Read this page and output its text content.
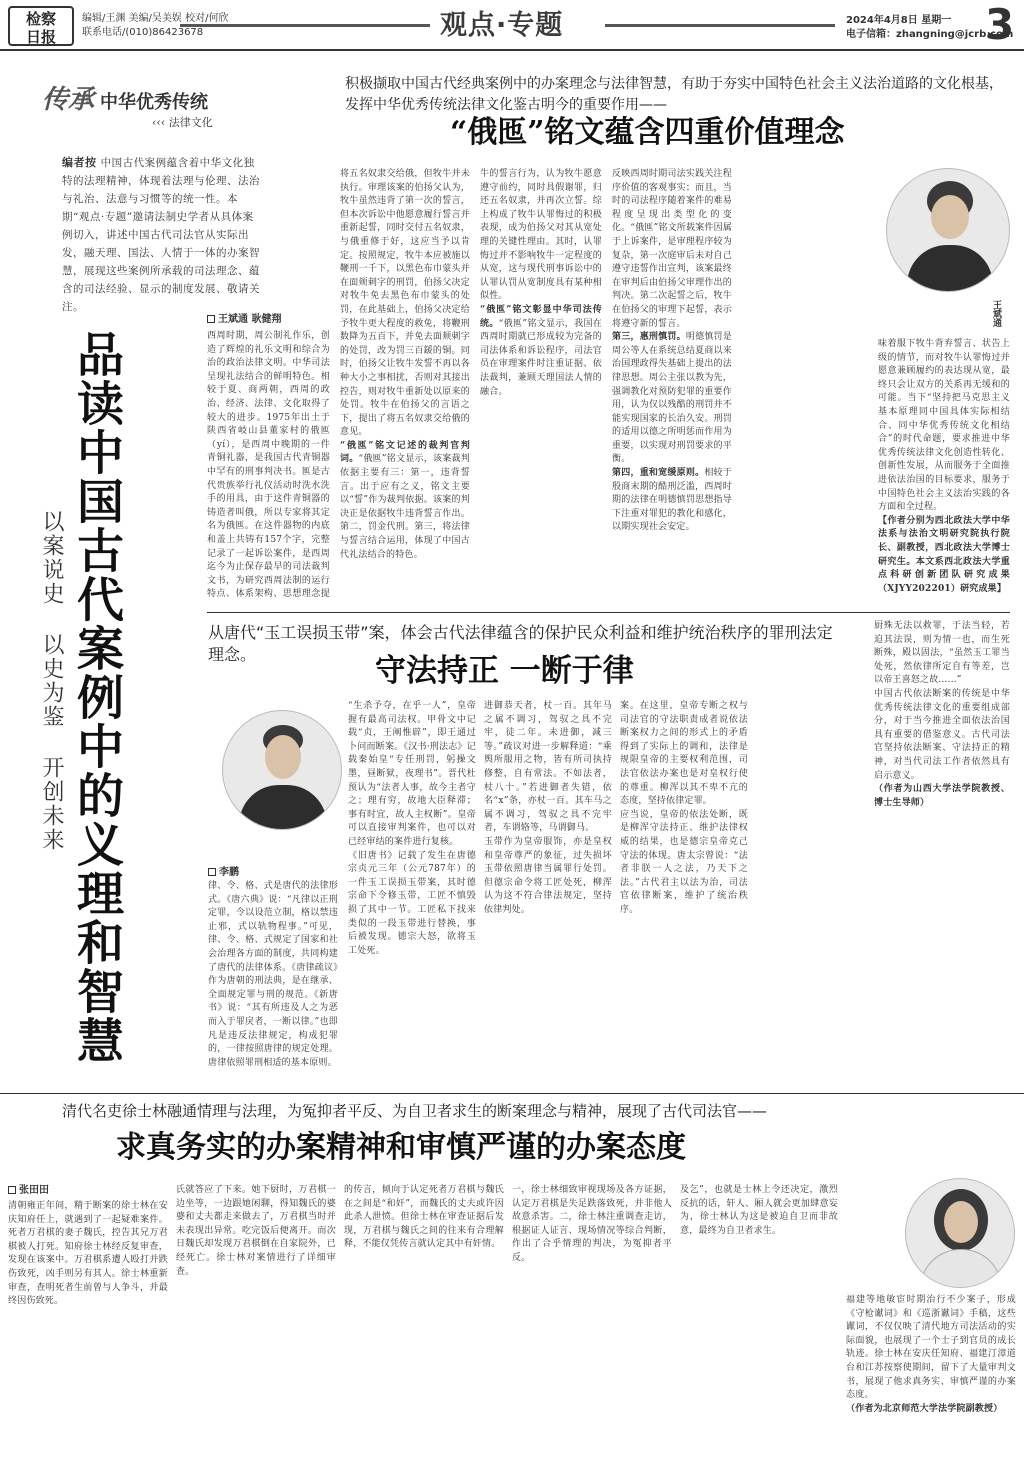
检察
日报
编辑/王渊 美编/吴美娱 校对/何欣
联系电话/(010)86423678	观点·专题	2024年4月8日 星期一
电子信箱：zhangning@jcrb.com
3
传承 中华优秀传统
‹‹‹ 法律文化
积极撷取中国古代经典案例中的办案理念与法律智慧，有助于夯实中国特色社会主义法治道路的文化根基，发挥中华优秀传统法律文化鉴古明今的重要作用——
“俄匜”铭文蕴含四重价值理念
编者按 中国古代案例蕴含着中华文化独特的法理精神，体现着法理与伦理、法治与礼治、法意与习惯等的统一性。本期“观点·专题”邀请法制史学者从具体案例切入，讲述中国古代司法官从实际出发，融天理、国法、人情于一体的办案智慧，展现这些案例所承载的司法理念、蕴含的司法经验、显示的制度发展、敬请关注。
王斌通 耿健翔
品读中国古代案例中的义理和智慧
以案说史   以史为鉴   开创未来
西周时期，周公制礼作乐，创造了辉煌的礼乐文明和综合为治的政治法律文明。中华司法呈现礼法结合的鲜明特色。相较于夏、商两朝，西周的政治、经济、法律、文化取得了较大的进步。1975年出土于陕西省岐山县董家村的俄匜（yí），是西周中晚期的一件青铜礼器，是我国古代青铜器中罕有的刑事判决书。匜是古代贵族举行礼仪活动时洗水洗手的用具，由于这件青铜器的铸造者叫俄，所以专家将其定名为俄匜。在这件器物的内底和盖上共铸有157个字，完整记录了一起诉讼案件，是西周迄今为止保存最早的司法裁判文书，为研究西周法制的运行特点、体系架构、思想理念提

将五名奴隶交给俄，但牧牛并未执行。审理该案的伯扬父认为，牧牛虽然违背了第一次的誓言，但本次诉讼中他愿意履行誓言并重新起誓，同时交付五名奴隶，与俄重修于好，这应当予以肯定。按照规定，牧牛本应被施以鞭刑一千下，以黑色布巾蒙头并在面颊刺字的刑罚，伯扬父决定对牧牛免去黑色布巾蒙头的处罚，在此基础上，伯扬父决定给予牧牛更大程度的救免，将鞭刑数降为五百下，并免去面颊刺字的处罚，改为罚三百鍰的铜。同时，伯扬父让牧牛发誓不再以各种大小之事相扰，否则对其接出控告，则对牧牛重新处以原来的处罚。牧牛在伯扬父的言语之下，提出了将五名奴隶交给俄的意见。
“俄匜”铭文记述的裁判官判词。“俄匜”铭文显示，该案裁判依据主要有三：第一，违背誓言。出于应有之义，铭文主要以“誓”作为裁判依据。该案的判决正是依据牧牛违背誓言作出。第二，罚金代刑。第三，将法律与誓言结合运用，体现了中国古代礼法结合的特色。
牛的誓言行为，认为牧牛愿意遵守前约，同时具假谢罪，归还五名奴隶，并再次立誓。综上构成了牧牛认罪悔过的积极表现，成为伯扬父对其从宽处理的关键性理由。其时，认罪悔过并不影响牧牛一定程度的从宽，这与现代刑事诉讼中的认罪认罚从宽制度具有某种相似性。
“俄匜”铭文彰显中华司法传统。“俄匜”铭文显示，我国在西周时期就已形成较为完备的司法体系和诉讼程序，司法官员在审理案件时注重证据、依法裁判，兼顾天理国法人情的融合。
反映西周时期司法实践关注程序价值的客观事实；而且，当时的司法程序随着案件的难易程度呈现出类型化的变化。“俄匜”铭文所载案件因属于上诉案件，是审理程序较为复杂，第一次庭审后未对自己遵守违誓作出宣判，该案最终在审判后由伯扬父审理作出的判决。第二次起誓之后，牧牛在伯扬父的审理下起誓，表示将遵守新的誓言。
第三，惠刑慎罚。明德慎罚是周公等人在系统总结夏商以来治国理政得失基础上提出的法律思想。周公主张以教为先，强调教化对预防犯罪的重要作用，认为仅以残酷的刑罚并不能实现国家的长治久安。刑罚的适用以德之所明惩而作用为重要，以实现对刑罚要求的平衡。
第四，重和宽缓原则。相较于殷商末期的酷刑泛滥，西周时期的法律在明德慎罚思想指导下注重对罪犯的教化和感化，以期实现社会安定。
王斌通
味着服下牧牛背弃誓言、状告上级的情节，而对牧牛认罪悔过并愿意兼顾履约的表达现从宽，最终只会让双方的关系再无缓和的可能。当下“坚持把马克思主义基本原理同中国具体实际相结合、同中华优秀传统文化相结合”的时代命题，要求推进中华优秀传统法律文化创造性转化、创新性发展，从而服务于全面推进依法治国的目标要求，服务于中国特色社会主义法治实践的各方面和全过程。
【作者分别为西北政法大学中华法系与法治文明研究院执行院长、副教授，西北政法大学博士研究生。本文系西北政法大学重点科研创新团队研究成果（XJYY202201）研究成果】
从唐代“玉工误损玉带”案，体会古代法律蕴含的保护民众利益和维护统治秩序的罪刑法定理念。	守法持正 一断于律
李鹏
律、令、格、式是唐代的法律形式。《唐六典》说：“凡律以正刑定罪，令以设范立制，格以禁违止邪，式以轨物程事。”可见，律、令、格、式规定了国家和社会治理各方面的制度，共同构建了唐代的法律体系。《唐律疏议》作为唐朝的刑法典，是在继承、全面规定罪与刑的规范。《新唐书》说：“其有所违及人之为恶而入于罪戾者，一断以律。”也即凡是违反法律规定，构成犯罪的，一律按照唐律的规定处理。唐律依照罪刑相适的基本原则。
“生杀予夺，在乎一人”，皇帝握有最高司法权。甲骨文中记载“贞，王阐惟辟”，即王通过卜问而断案。《汉书·刑法志》记载秦始皇“专任刑罚，躬操文墨，昼断狱，夜理书”。晋代杜预认为“法者人事，故今主者守之；理有穷，故地大臣释滞；事有时宜，故人主权断”。皇帝可以直接审判案件，也可以对已经审结的案件进行复核。
《旧唐书》记载了发生在唐德宗贞元三年（公元787年）的一件玉工误损玉带案，其时德宗命下令修玉带，工匠不慎毁损了其中一节。工匠私下找来类似的一段玉带进行替换，事后被发现。德宗大怒，欲将玉工处死。
进御恭天者，杖一百。其年马之属不调习，驾驭之具不完牢，徒二年。未进御，减三等。”疏议对进一步解释道：“乘舆所服用之物，皆有所司执持修整，自有常法。不如法者，杖八十。”若进御者失错，依名“ⅹ”条，亦杖一百。其车马之属不调习，驾驭之具不完牢者，车谓辂等，马谓御马。
玉带作为皇帝服饰，亦是皇权和皇帝尊严的象征，过失损坏玉带依照唐律当属罪行处罚。但德宗命令将工匠处死，柳浑认为这不符合律法规定，坚持依律判处。
案。在这里，皇帝专断之权与司法官的守法职责成者说依法断案权力之间的形式上的矛盾得到了实际上的调和，法律是规限皇帝的主要权利范围，司法官依法办案也是对皇权行使的尊重。柳浑以其不卑不亢的态度，坚持依律定罪。
应当说，皇帝的依法处断，既是柳浑守法持正、维护法律权威的结果，也是德宗皇帝克己守法的体现。唐太宗曾说：“法者非朕一人之法，乃天下之法。”古代君主以法为治，司法官依律断案，维护了统治秩序。
厨殊无法以救罪，于法当轻，若迫其法误，则为情一也，而生死断殊，殿以固法，“虽然玉工罪当处死，然依律所定自有等差，岂以帝王喜怒之故……”
中国古代依法断案的传统是中华优秀传统法律文化的重要组成部分，对于当今推进全面依法治国具有重要的借鉴意义。古代司法官坚持依法断案、守法持正的精神，对当代司法工作者依然具有启示意义。
（作者为山西大学法学院教授、博士生导师）
清代名吏徐士林融通情理与法理，为冤抑者平反、为自卫者求生的断案理念与精神，展现了古代司法官——
求真务实的办案精神和审慎严谨的办案态度
张田田
清朝雍正年间，精于断案的徐士林在安庆知府任上，就遇到了一起疑难案件。死者万君棋的妻子魏氏，控告其兄万君棋被人打死。知府徐士林经反复审查，发现在该案中。万君棋系遭人殴打并跌伤致死，凶手则另有其人。徐士林重新审查，查明死者生前曾与人争斗，并最终因伤致死。
氏就答应了下来。她下厨时，万君棋一边坐等，一边跟她闲聊，得知魏氏的婆婆和丈夫都走来做去了，万君棋当时并未表现出异常。吃完饭后便离开。而次日魏氏却发现万君棋倒在自家院外，已经死亡。徐士林对案情进行了详细审查。
的传言，倾向于认定死者万君棋与魏氏在之间是“和奸”，而魏氏的丈夫或许因此杀人泄愤。但徐士林在审查证据后发现，万君棋与魏氏之间的往来有合理解释，不能仅凭传言就认定其中有奸情。
一，徐士林细致审视现场及各方证据，认定万君棋是失足跌落致死，并非他人故意杀害。二，徐士林注重调查走访，根据证人证言、现场情况等综合判断，作出了合乎情理的判决，为冤抑者平反。
及乞”，也就是士林上令还决定，激烈反抗的话，轩人、厢人就会更加肆意妄为，徐士林认为这是被迫自卫而非故意，最终为自卫者求生。
福建等地敏宦时期治行不少案子，形成《守枪谳词》和《巡浙谳词》手稿，这些谳词，不仅仅映了清代地方司法活动的实际面貌，也展现了一个士子到官员的成长轨迹。徐士林在安庆任知府、福建汀漳道台和江苏按察使期间，留下了大量审判文书，展现了他求真务实、审慎严谨的办案态度。
（作者为北京师范大学法学院副教授）
